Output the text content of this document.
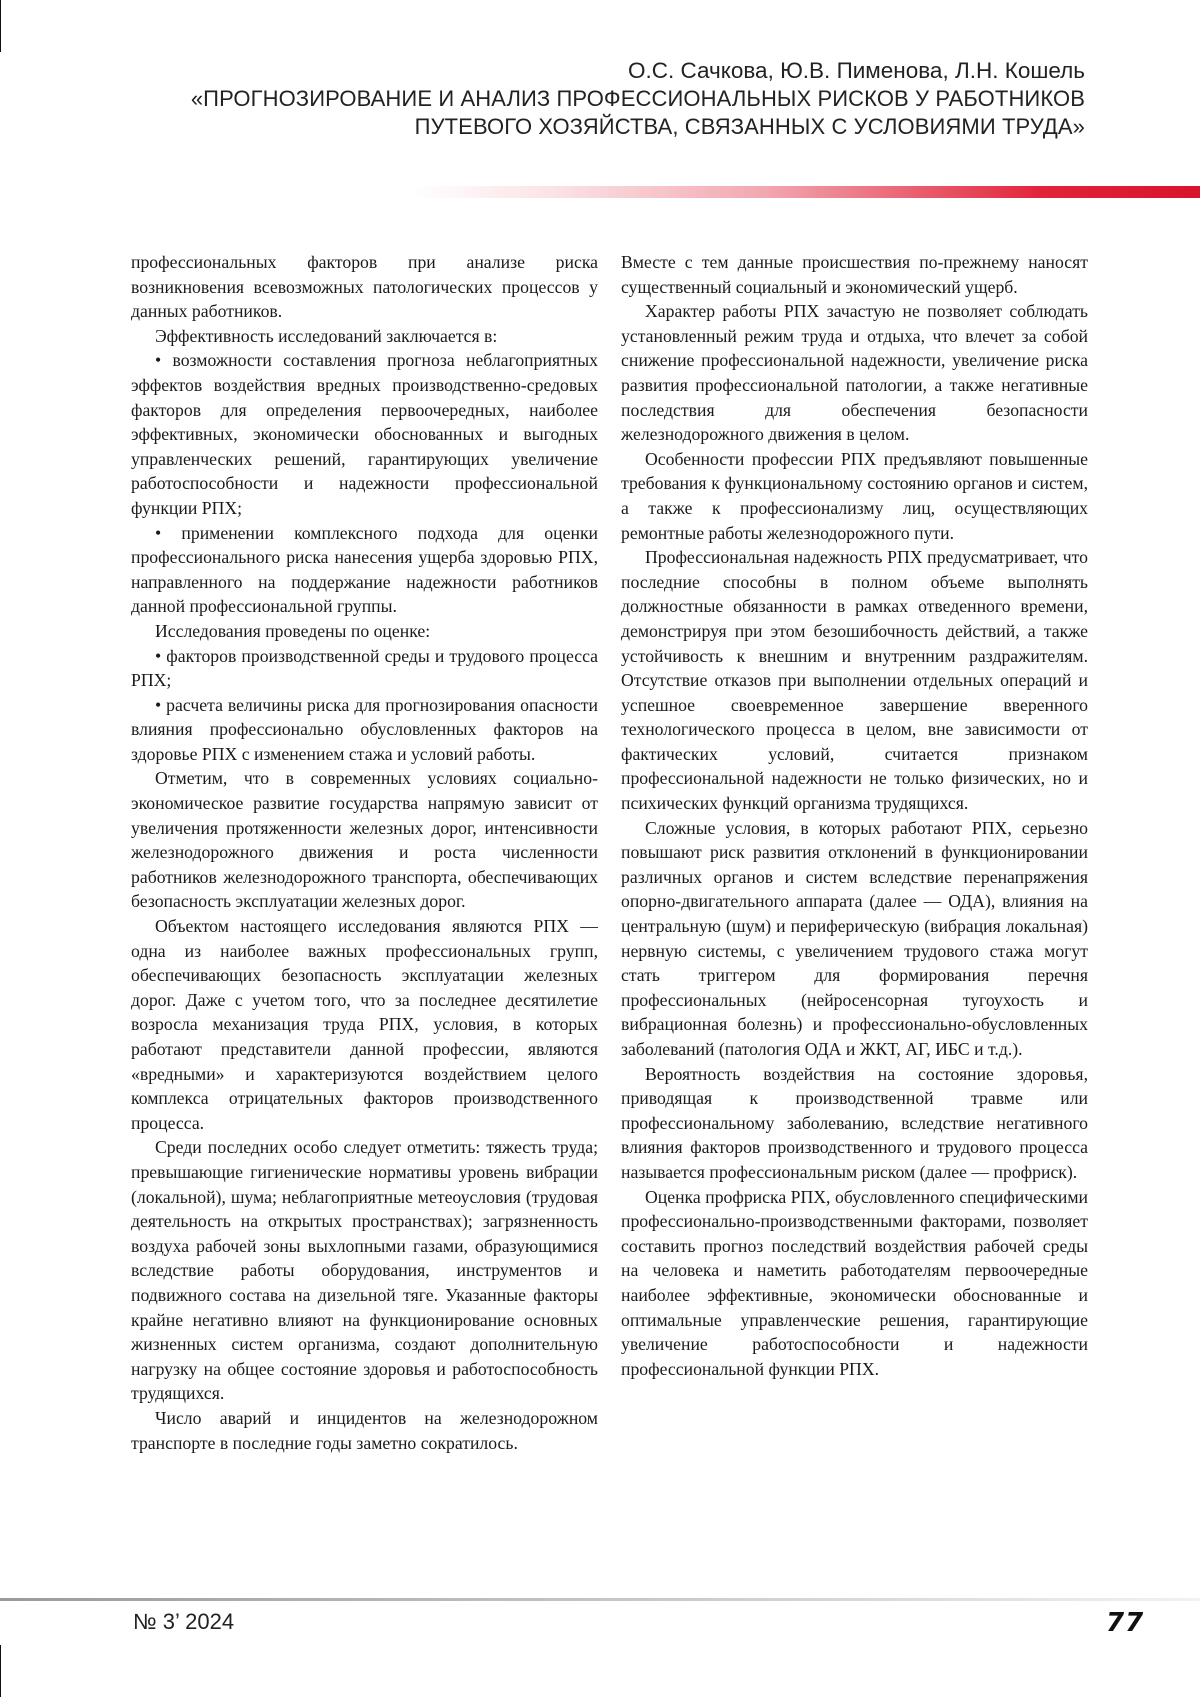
О.С. Сачкова, Ю.В. Пименова, Л.Н. Кошель
«ПРОГНОЗИРОВАНИЕ И АНАЛИЗ ПРОФЕССИОНАЛЬНЫХ РИСКОВ У РАБОТНИКОВ
ПУТЕВОГО ХОЗЯЙСТВА, СВЯЗАННЫХ С УСЛОВИЯМИ ТРУДА»

профессиональных факторов при анализе риска возникновения всевозможных патологических процессов у данных работников.

Эффективность исследований заключается в:

• возможности составления прогноза неблагоприятных эффектов воздействия вредных производственно-средовых факторов для определения первоочередных, наиболее эффективных, экономически обоснованных и выгодных управленческих решений, гарантирующих увеличение работоспособности и надежности профессиональной функции РПХ;

• применении комплексного подхода для оценки профессионального риска нанесения ущерба здоровью РПХ, направленного на поддержание надежности работников данной профессиональной группы.

Исследования проведены по оценке:

• факторов производственной среды и трудового процесса РПХ;

• расчета величины риска для прогнозирования опасности влияния профессионально обусловленных факторов на здоровье РПХ с изменением стажа и условий работы.

Отметим, что в современных условиях социально-экономическое развитие государства напрямую зависит от увеличения протяженности железных дорог, интенсивности железнодорожного движения и роста численности работников железнодорожного транспорта, обеспечивающих безопасность эксплуатации железных дорог.

Объектом настоящего исследования являются РПХ — одна из наиболее важных профессиональных групп, обеспечивающих безопасность эксплуатации железных дорог. Даже с учетом того, что за последнее десятилетие возросла механизация труда РПХ, условия, в которых работают представители данной профессии, являются «вредными» и характеризуются воздействием целого комплекса отрицательных факторов производственного процесса.

Среди последних особо следует отметить: тяжесть труда; превышающие гигиенические нормативы уровень вибрации (локальной), шума; неблагоприятные метеоусловия (трудовая деятельность на открытых пространствах); загрязненность воздуха рабочей зоны выхлопными газами, образующимися вследствие работы оборудования, инструментов и подвижного состава на дизельной тяге. Указанные факторы крайне негативно влияют на функционирование основных жизненных систем организма, создают дополнительную нагрузку на общее состояние здоровья и работоспособность трудящихся.

Число аварий и инцидентов на железнодорожном транспорте в последние годы заметно сократилось.

Вместе с тем данные происшествия по-прежнему наносят существенный социальный и экономический ущерб.

Характер работы РПХ зачастую не позволяет соблюдать установленный режим труда и отдыха, что влечет за собой снижение профессиональной надежности, увеличение риска развития профессиональной патологии, а также негативные последствия для обеспечения безопасности железнодорожного движения в целом.

Особенности профессии РПХ предъявляют повышенные требования к функциональному состоянию органов и систем, а также к профессионализму лиц, осуществляющих ремонтные работы железнодорожного пути.

Профессиональная надежность РПХ предусматривает, что последние способны в полном объеме выполнять должностные обязанности в рамках отведенного времени, демонстрируя при этом безошибочность действий, а также устойчивость к внешним и внутренним раздражителям. Отсутствие отказов при выполнении отдельных операций и успешное своевременное завершение вверенного технологического процесса в целом, вне зависимости от фактических условий, считается признаком профессиональной надежности не только физических, но и психических функций организма трудящихся.

Сложные условия, в которых работают РПХ, серьезно повышают риск развития отклонений в функционировании различных органов и систем вследствие перенапряжения опорно-двигательного аппарата (далее — ОДА), влияния на центральную (шум) и периферическую (вибрация локальная) нервную системы, с увеличением трудового стажа могут стать триггером для формирования перечня профессиональных (нейросенсорная тугоухость и вибрационная болезнь) и профессионально-обусловленных заболеваний (патология ОДА и ЖКТ, АГ, ИБС и т.д.).

Вероятность воздействия на состояние здоровья, приводящая к производственной травме или профессиональному заболеванию, вследствие негативного влияния факторов производственного и трудового процесса называется профессиональным риском (далее — профриск).

Оценка профриска РПХ, обусловленного специфическими профессионально-производственными факторами, позволяет составить прогноз последствий воздействия рабочей среды на человека и наметить работодателям первоочередные наиболее эффективные, экономически обоснованные и оптимальные управленческие решения, гарантирующие увеличение работоспособности и надежности профессиональной функции РПХ.

№ 3’ 2024	77
